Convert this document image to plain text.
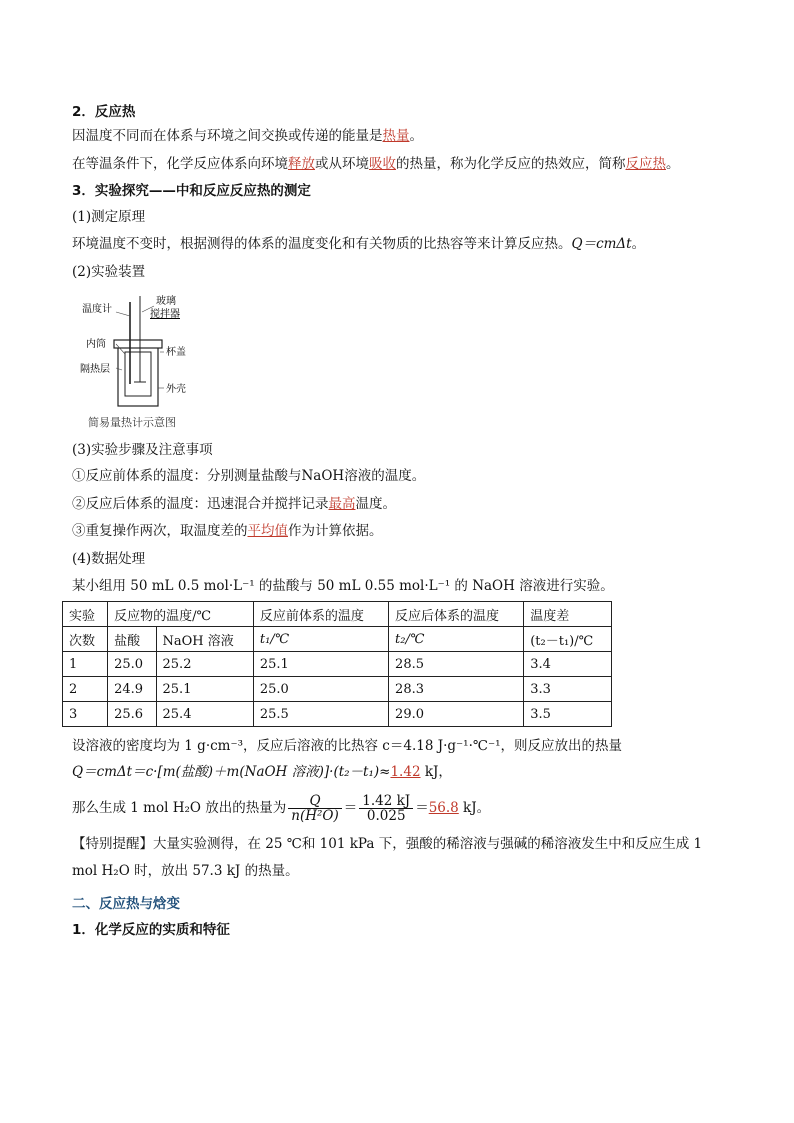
2．反应热
因温度不同而在体系与环境之间交换或传递的能量是热量。
在等温条件下，化学反应体系向环境释放或从环境吸收的热量，称为化学反应的热效应，简称反应热。
3．实验探究——中和反应反应热的测定
(1)测定原理
环境温度不变时，根据测得的体系的温度变化和有关物质的比热容等来计算反应热。Q＝cmΔt。
(2)实验装置
温度计
玻璃
搅拌器
内筒
杯盖
隔热层
外壳
简易量热计示意图
(3)实验步骤及注意事项
①反应前体系的温度：分别测量盐酸与NaOH溶液的温度。
②反应后体系的温度：迅速混合并搅拌记录最高温度。
③重复操作两次，取温度差的平均值作为计算依据。
(4)数据处理
某小组用 50 mL 0.5 mol·L⁻¹ 的盐酸与 50 mL 0.55 mol·L⁻¹ 的 NaOH 溶液进行实验。
实验	反应物的温度/℃		反应前体系的温度	反应后体系的温度	温度差
次数	盐酸	NaOH 溶液	t₁/℃	t₂/℃	(t₂－t₁)/℃
1	25.0	25.2	25.1	28.5	3.4
2	24.9	25.1	25.0	28.3	3.3
3	25.6	25.4	25.5	29.0	3.5
设溶液的密度均为 1 g·cm⁻³，反应后溶液的比热容 c＝4.18 J·g⁻¹·℃⁻¹，则反应放出的热量
Q＝cmΔt＝c·[m(盐酸)＋m(NaOH 溶液)]·(t₂－t₁)≈1.42 kJ，
那么生成 1 mol H₂O 放出的热量为 $\frac{Q}{\text{n(H²O)}} = \frac{1.42 kJ}{0.025} =56.8$ kJ。
【特别提醒】大量实验测得，在 25 ℃和 101 kPa 下，强酸的稀溶液与强碱的稀溶液发生中和反应生成 1
mol H₂O 时，放出 57.3 kJ 的热量。
二、反应热与焓变
1．化学反应的实质和特征
